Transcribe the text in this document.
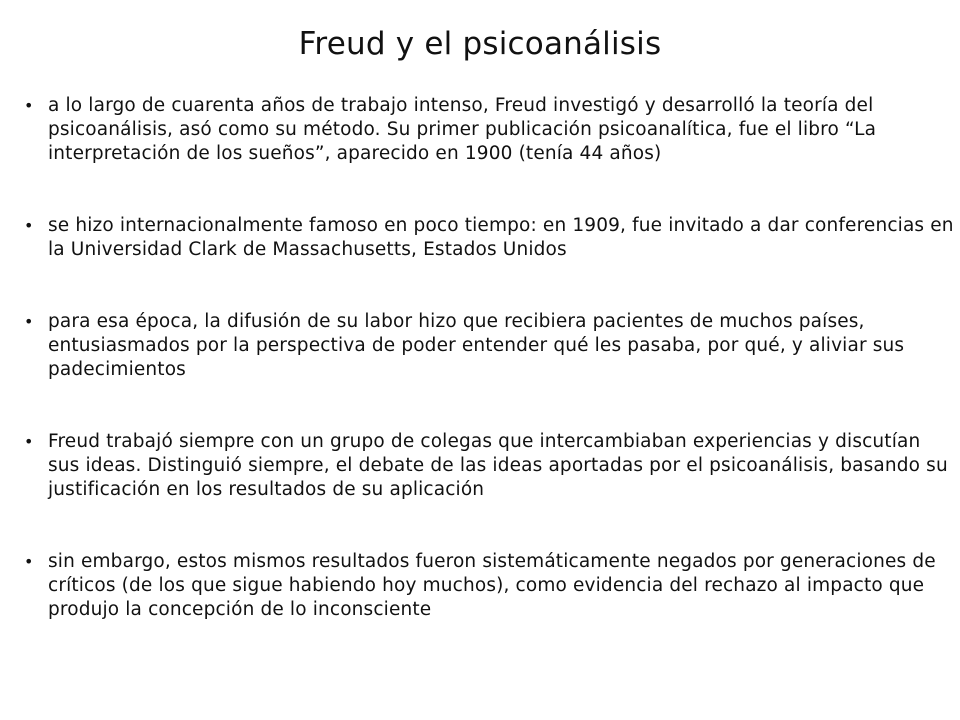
Freud y el psicoanálisis
• a lo largo de cuarenta años de trabajo intenso, Freud investigó y desarrolló la teoría del psicoanálisis, asó como su método. Su primer publicación psicoanalítica, fue el libro “La interpretación de los sueños”, aparecido en 1900 (tenía 44 años)
• se hizo internacionalmente famoso en poco tiempo: en 1909, fue invitado a dar conferencias en la Universidad Clark de Massachusetts, Estados Unidos
• para esa época, la difusión de su labor hizo que recibiera pacientes de muchos países, entusiasmados por la perspectiva de poder entender qué les pasaba, por qué, y aliviar sus padecimientos
• Freud trabajó siempre con un grupo de colegas que intercambiaban experiencias y discutían sus ideas. Distinguió siempre, el debate de las ideas aportadas por el psicoanálisis, basando su justificación en los resultados de su aplicación
• sin embargo, estos mismos resultados fueron sistemáticamente negados por generaciones de críticos (de los que sigue habiendo hoy muchos), como evidencia del rechazo al impacto que produjo la concepción de lo inconsciente
